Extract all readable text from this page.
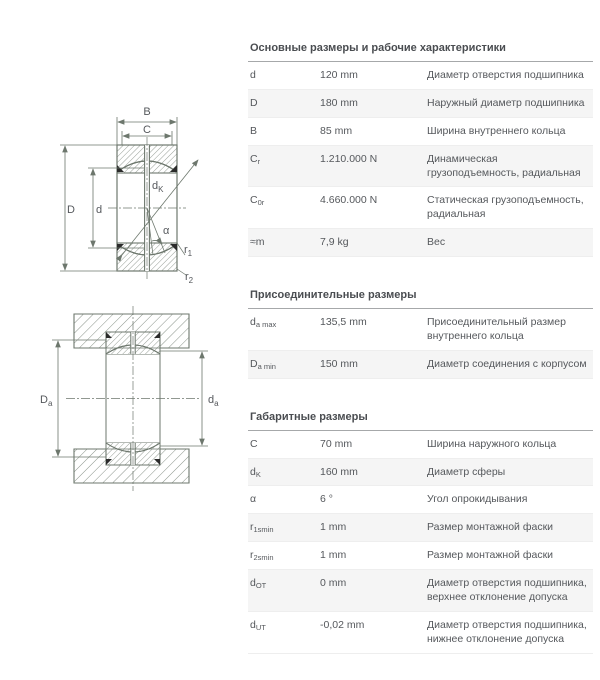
B
C
D d
$d_K$
α
$r_1$
$r_2$
$D_a$	$d_a$
Основные размеры и рабочие характеристики
d	120 mm	Диаметр отверстия подшипника
D	180 mm	Наружный диаметр подшипника
B	85 mm	Ширина внутреннего кольца
$C_r$	1.210.000 N	Динамическая грузоподъемность, радиальная
$C_{0r}$	4.660.000 N	Статическая грузоподъемность, радиальная
≈m	7,9 kg	Вес
Присоединительные размеры
$d_{a max}$	135,5 mm	Присоединительный размер внутреннего кольца
$D_{a min}$	150 mm	Диаметр соединения с корпусом
Габаритные размеры
C	70 mm	Ширина наружного кольца
$d_K$	160 mm	Диаметр сферы
α	6 °	Угол опрокидывания
$r_{1smin}$	1 mm	Размер монтажной фаски
$r_{2smin}$	1 mm	Размер монтажной фаски
$d_{OT}$	0 mm	Диаметр отверстия подшипника, верхнее отклонение допуска
$d_{UT}$	-0,02 mm	Диаметр отверстия подшипника, нижнее отклонение допуска
